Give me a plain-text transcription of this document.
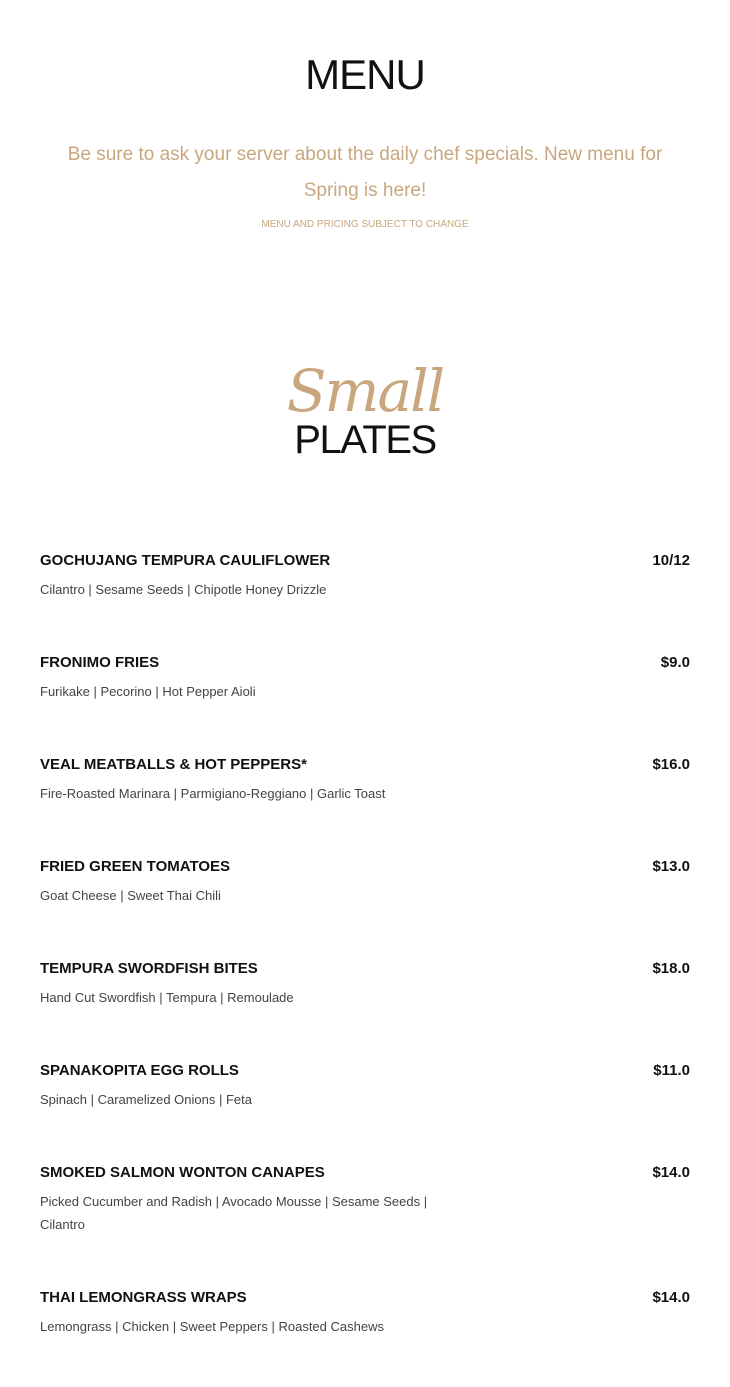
MENU
Be sure to ask your server about the daily chef specials. New menu for Spring is here!
MENU AND PRICING SUBJECT TO CHANGE
Small
PLATES
GOCHUJANG TEMPURA CAULIFLOWER	10/12
Cilantro | Sesame Seeds | Chipotle Honey Drizzle
FRONIMO FRIES	$9.0
Furikake | Pecorino | Hot Pepper Aioli
VEAL MEATBALLS & HOT PEPPERS*	$16.0
Fire-Roasted Marinara | Parmigiano-Reggiano | Garlic Toast
FRIED GREEN TOMATOES	$13.0
Goat Cheese | Sweet Thai Chili
TEMPURA SWORDFISH BITES	$18.0
Hand Cut Swordfish | Tempura | Remoulade
SPANAKOPITA EGG ROLLS	$11.0
Spinach | Caramelized Onions | Feta
SMOKED SALMON WONTON CANAPES	$14.0
Picked Cucumber and Radish | Avocado Mousse | Sesame Seeds | Cilantro
THAI LEMONGRASS WRAPS	$14.0
Lemongrass | Chicken | Sweet Peppers | Roasted Cashews
